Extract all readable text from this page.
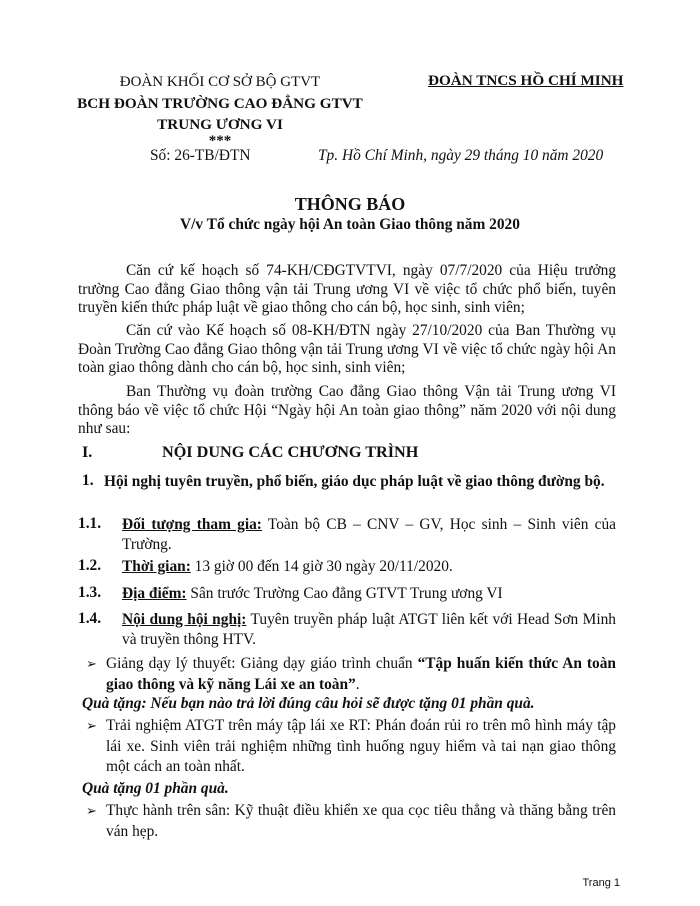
ĐOÀN KHỐI CƠ SỞ BỘ GTVT
BCH ĐOÀN TRƯỜNG CAO ĐẲNG GTVT
TRUNG ƯƠNG VI
***
ĐOÀN TNCS HỒ CHÍ MINH
Số: 26-TB/ĐTN	Tp. Hồ Chí Minh, ngày 29 tháng 10 năm 2020
THÔNG BÁO
V/v Tổ chức ngày hội An toàn Giao thông năm 2020
Căn cứ kế hoạch số 74-KH/CĐGTVTVI, ngày 07/7/2020 của Hiệu trưởng trường Cao đẳng Giao thông vận tải Trung ương VI về việc tổ chức phổ biến, tuyên truyền kiến thức pháp luật về giao thông cho cán bộ, học sinh, sinh viên;
Căn cứ vào Kế hoạch số 08-KH/ĐTN ngày 27/10/2020 của Ban Thường vụ Đoàn Trường Cao đẳng Giao thông vận tải Trung ương VI về việc tổ chức ngày hội An toàn giao thông dành cho cán bộ, học sinh, sinh viên;
Ban Thường vụ đoàn trường Cao đẳng Giao thông Vận tải Trung ương VI thông báo về việc tổ chức Hội “Ngày hội An toàn giao thông” năm 2020 với nội dung như sau:
I.	NỘI DUNG CÁC CHƯƠNG TRÌNH
1. Hội nghị tuyên truyền, phổ biến, giáo dục pháp luật về giao thông đường bộ.
1.1. Đối tượng tham gia: Toàn bộ CB – CNV – GV, Học sinh – Sinh viên của Trường.
1.2. Thời gian: 13 giờ 00 đến 14 giờ 30 ngày 20/11/2020.
1.3. Địa điểm: Sân trước Trường Cao đẳng GTVT Trung ương VI
1.4. Nội dung hội nghị: Tuyên truyền pháp luật ATGT liên kết với Head Sơn Minh và truyền thông HTV.
➢ Giảng dạy lý thuyết: Giảng dạy giáo trình chuẩn “Tập huấn kiến thức An toàn giao thông và kỹ năng Lái xe an toàn”.
Quà tặng: Nếu bạn nào trả lời đúng câu hỏi sẽ được tặng 01 phần quà.
➢ Trải nghiệm ATGT trên máy tập lái xe RT: Phán đoán rủi ro trên mô hình máy tập lái xe. Sinh viên trải nghiệm những tình huống nguy hiểm và tai nạn giao thông một cách an toàn nhất.
Quà tặng 01 phần quà.
➢ Thực hành trên sân: Kỹ thuật điều khiển xe qua cọc tiêu thẳng và thăng bằng trên ván hẹp.
Trang 1
